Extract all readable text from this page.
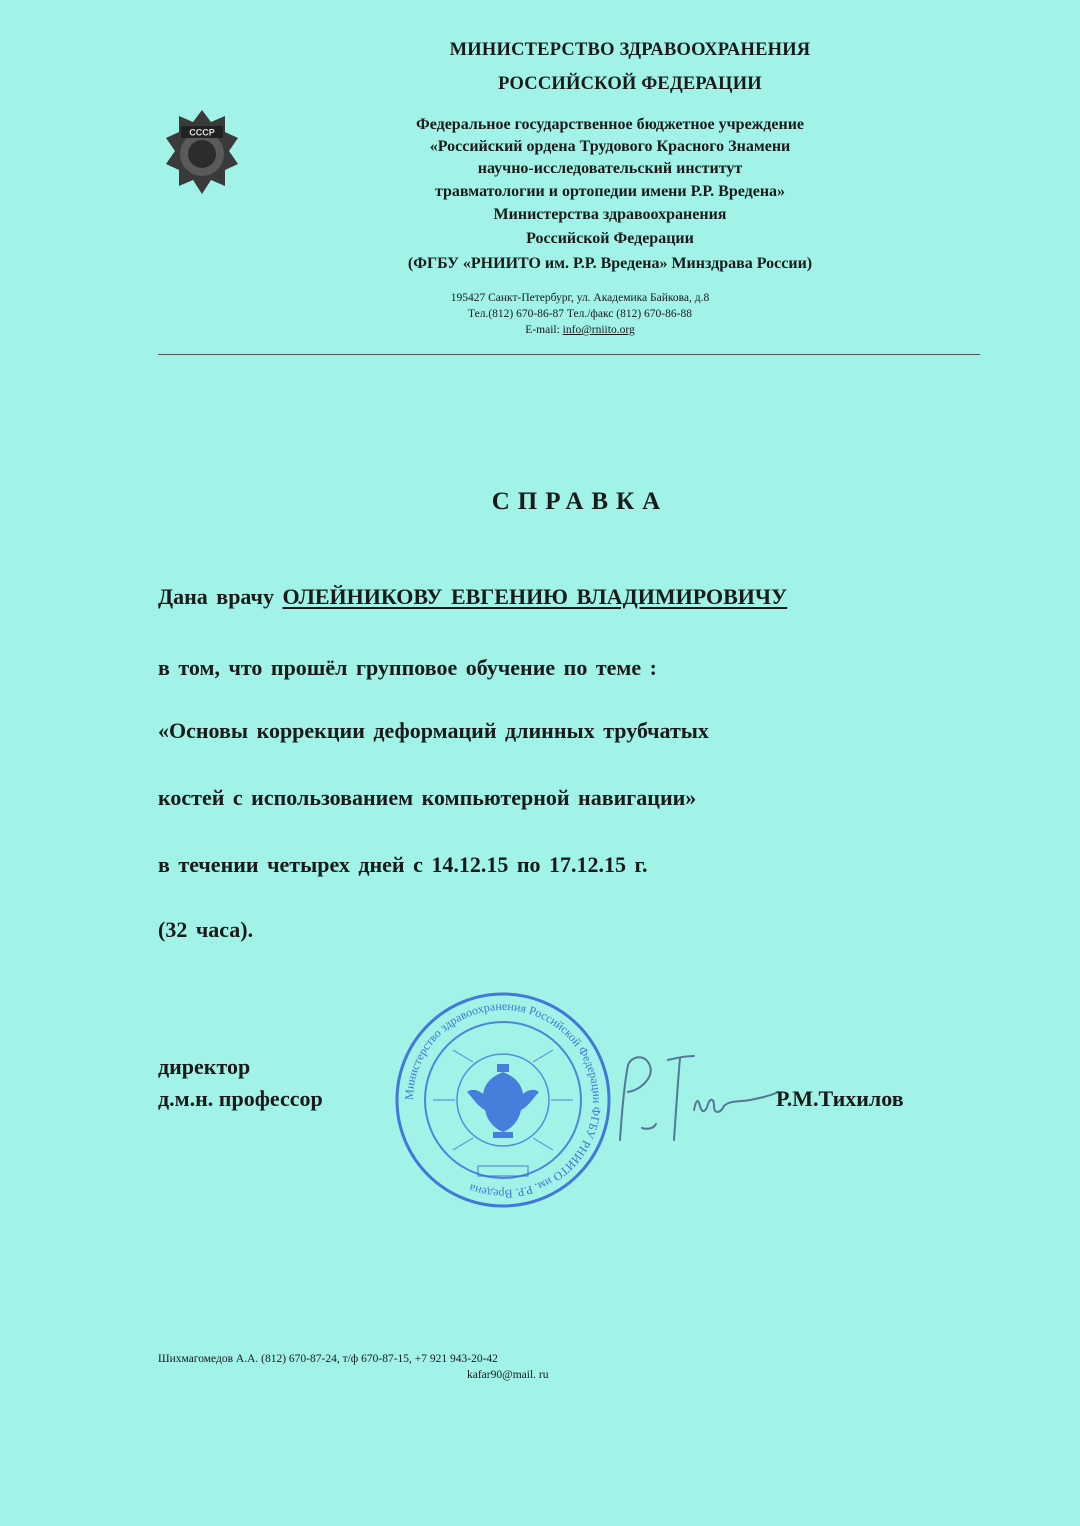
МИНИСТЕРСТВО ЗДРАВООХРАНЕНИЯ
РОССИЙСКОЙ ФЕДЕРАЦИИ
СССР	Федеральное государственное бюджетное учреждение
«Российский ордена Трудового Красного Знамени
научно-исследовательский институт
травматологии и ортопедии имени Р.Р. Вредена»
Министерства здравоохранения
Российской Федерации
(ФГБУ «РНИИТО им. Р.Р. Вредена» Минздрава России)
195427 Санкт-Петербург, ул. Академика Байкова, д.8
Тел.(812) 670-86-87 Тел./факс (812) 670-86-88
E-mail: info@rniito.org
СПРАВКА
Дана врачу ОЛЕЙНИКОВУ ЕВГЕНИЮ ВЛАДИМИРОВИЧУ
в том, что прошёл групповое обучение по теме :
«Основы коррекции деформаций длинных трубчатых
костей с использованием компьютерной навигации»
в течении четырех дней с 14.12.15 по 17.12.15 г.
(32 часа).
директор
д.м.н. профессор	Министерство здравоохранения Российской Федерации ФГБУ РНИИТО им. Р.Р. Вредена
Р.М.Тихилов
Шихмагомедов А.А. (812) 670-87-24, т/ф 670-87-15, +7 921 943-20-42
kafar90@mail. ru
